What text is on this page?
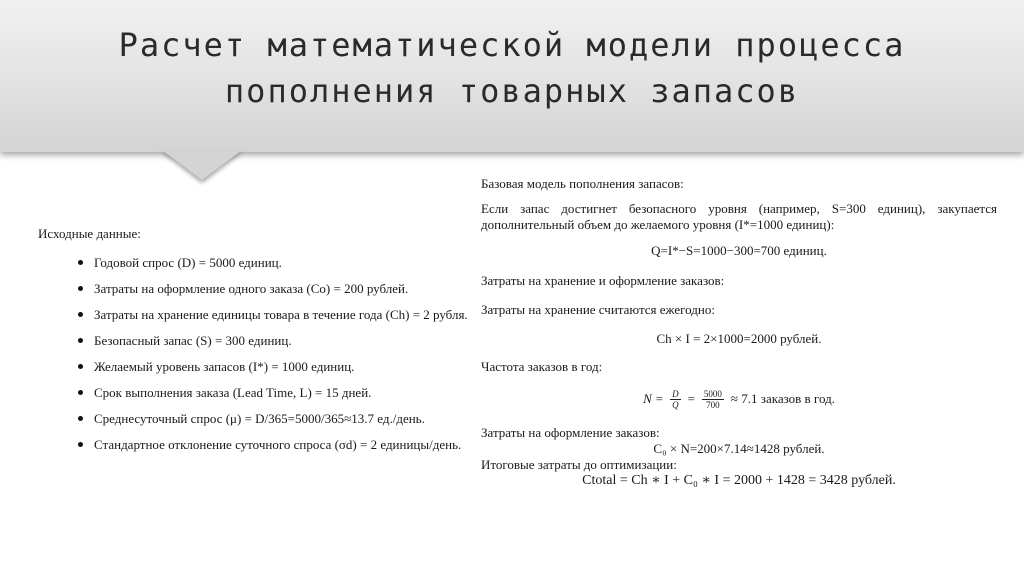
Расчет математической модели процесса
пополнения товарных запасов

Исходные данные:

Годовой спрос (D) = 5000 единиц.
Затраты на оформление одного заказа (Co) = 200 рублей.
Затраты на хранение единицы товара в течение года (Ch) = 2 рубля.
Безопасный запас (S) = 300 единиц.
Желаемый уровень запасов (I*) = 1000 единиц.
Срок выполнения заказа (Lead Time, L) = 15 дней.
Среднесуточный спрос (μ) = D/365=5000/365≈13.7 ед./день.
Стандартное отклонение суточного спроса (σd) = 2 единицы/день.

Базовая модель пополнения запасов:

Если запас достигнет безопасного уровня (например, S=300 единиц), закупается

дополнительный объем до желаемого уровня (I*=1000 единиц):

Q=I*−S=1000−300=700 единиц.

Затраты на хранение и оформление заказов:

Затраты на хранение считаются ежегодно:

Ch × I = 2×1000=2000 рублей.

Частота заказов в год:

$N = \frac{D}{Q} = \frac{5000}{700} \approx 7.1$ заказов в год.

Затраты на оформление заказов:

C₀ × N=200×7.14≈1428 рублей.

Итоговые затраты до оптимизации:

Ctotal = Ch ∗ I + C₀ ∗ I = 2000 + 1428 = 3428 рублей.
